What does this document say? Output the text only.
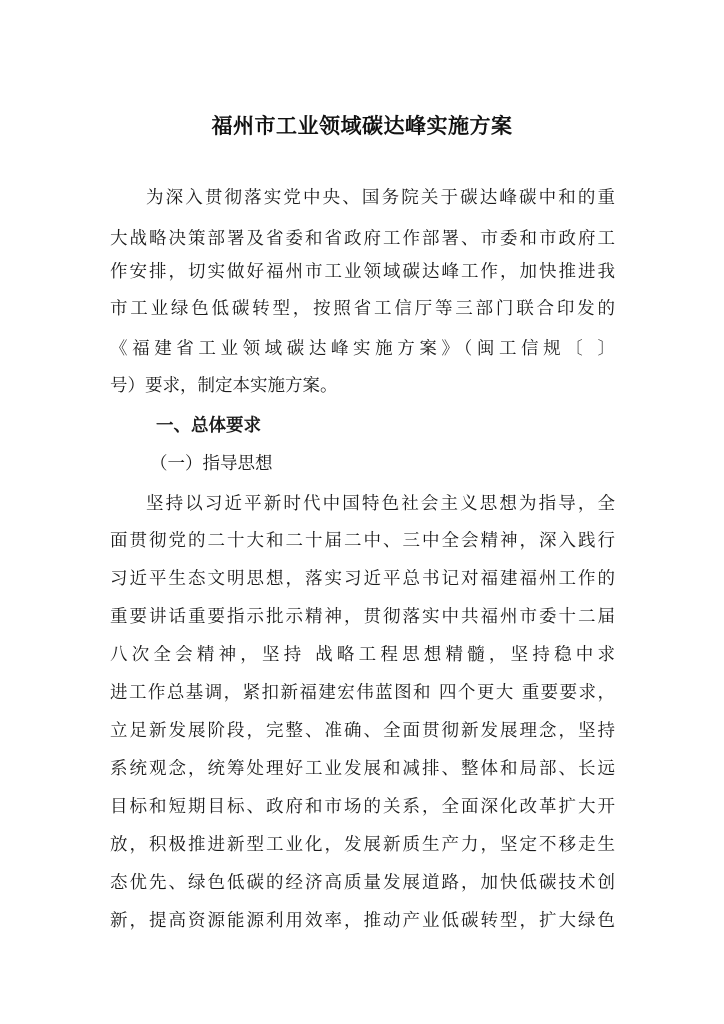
福州市工业领域碳达峰实施方案
为深入贯彻落实党中央、国务院关于碳达峰碳中和的重
大战略决策部署及省委和省政府工作部署、市委和市政府工
作安排，切实做好福州市工业领域碳达峰工作，加快推进我
市工业绿色低碳转型，按照省工信厅等三部门联合印发的
《福建省工业领域碳达峰实施方案》（闽工信规〔 〕
号）要求，制定本实施方案。
一、总体要求
（一）指导思想
坚持以习近平新时代中国特色社会主义思想为指导，全
面贯彻党的二十大和二十届二中、三中全会精神，深入践行
习近平生态文明思想，落实习近平总书记对福建福州工作的
重要讲话重要指示批示精神，贯彻落实中共福州市委十二届
八次全会精神，坚持 战略工程思想精髓，坚持稳中求
进工作总基调，紧扣新福建宏伟蓝图和 四个更大 重要要求，
立足新发展阶段，完整、准确、全面贯彻新发展理念，坚持
系统观念，统筹处理好工业发展和减排、整体和局部、长远
目标和短期目标、政府和市场的关系，全面深化改革扩大开
放，积极推进新型工业化，发展新质生产力，坚定不移走生
态优先、绿色低碳的经济高质量发展道路，加快低碳技术创
新，提高资源能源利用效率，推动产业低碳转型，扩大绿色
